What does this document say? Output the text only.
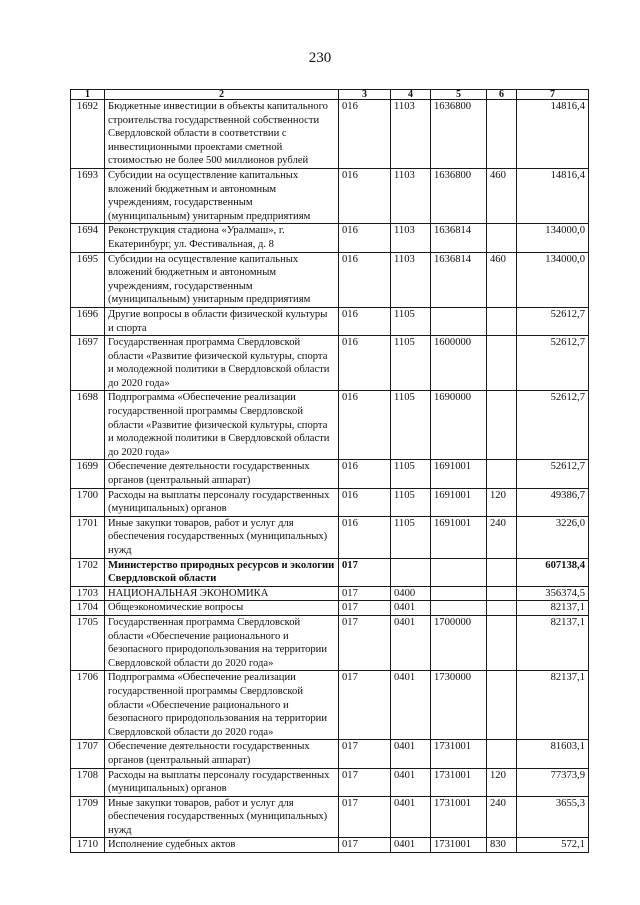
230
1	2	3	4	5	6	7
1692	Бюджетные инвестиции в объекты капитального строительства государственной собственности Свердловской области в соответствии с инвестиционными проектами сметной стоимостью не более 500 миллионов рублей	016	1103	1636800		14816,4
1693	Субсидии на осуществление капитальных вложений бюджетным и автономным учреждениям, государственным (муниципальным) унитарным предприятиям	016	1103	1636800	460	14816,4
1694	Реконструкция стадиона «Уралмаш», г. Екатеринбург, ул. Фестивальная, д. 8	016	1103	1636814		134000,0
1695	Субсидии на осуществление капитальных вложений бюджетным и автономным учреждениям, государственным (муниципальным) унитарным предприятиям	016	1103	1636814	460	134000,0
1696	Другие вопросы в области физической культуры и спорта	016	1105			52612,7
1697	Государственная программа Свердловской области «Развитие физической культуры, спорта и молодежной политики в Свердловской области до 2020 года»	016	1105	1600000		52612,7
1698	Подпрограмма «Обеспечение реализации государственной программы Свердловской области «Развитие физической культуры, спорта и молодежной политики в Свердловской области до 2020 года»	016	1105	1690000		52612,7
1699	Обеспечение деятельности государственных органов (центральный аппарат)	016	1105	1691001		52612,7
1700	Расходы на выплаты персоналу государственных (муниципальных) органов	016	1105	1691001	120	49386,7
1701	Иные закупки товаров, работ и услуг для обеспечения государственных (муниципальных) нужд	016	1105	1691001	240	3226,0
1702	Министерство природных ресурсов и экологии Свердловской области	017				607138,4
1703	НАЦИОНАЛЬНАЯ ЭКОНОМИКА	017	0400			356374,5
1704	Общеэкономические вопросы	017	0401			82137,1
1705	Государственная программа Свердловской области «Обеспечение рационального и безопасного природопользования на территории Свердловской области до 2020 года»	017	0401	1700000		82137,1
1706	Подпрограмма «Обеспечение реализации государственной программы Свердловской области «Обеспечение рационального и безопасного природопользования на территории Свердловской области до 2020 года»	017	0401	1730000		82137,1
1707	Обеспечение деятельности государственных органов (центральный аппарат)	017	0401	1731001		81603,1
1708	Расходы на выплаты персоналу государственных (муниципальных) органов	017	0401	1731001	120	77373,9
1709	Иные закупки товаров, работ и услуг для обеспечения государственных (муниципальных) нужд	017	0401	1731001	240	3655,3
1710	Исполнение судебных актов	017	0401	1731001	830	572,1
